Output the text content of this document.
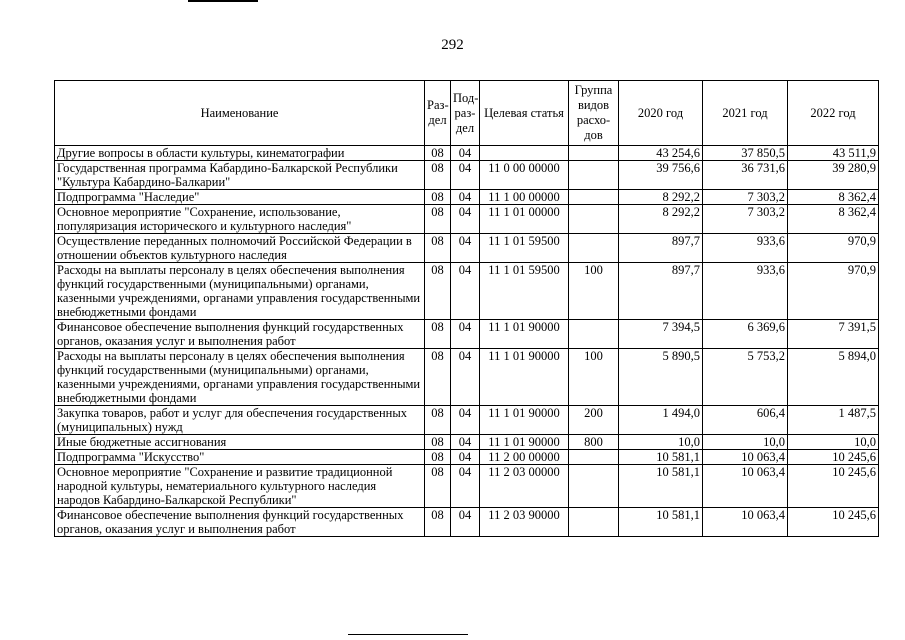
292
Наименование	Раз-дел	Под-раз-дел	Целевая статья	Группа видов расхо-дов	2020 год	2021 год	2022 год
Другие вопросы в области культуры, кинематографии	08	04			43 254,6	37 850,5	43 511,9
Государственная программа Кабардино-Балкарской Республики "Культура Кабардино-Балкарии"	08	04	11 0 00 00000		39 756,6	36 731,6	39 280,9
Подпрограмма "Наследие"	08	04	11 1 00 00000		8 292,2	7 303,2	8 362,4
Основное мероприятие "Сохранение, использование, популяризация исторического и культурного наследия"	08	04	11 1 01 00000		8 292,2	7 303,2	8 362,4
Осуществление переданных полномочий Российской Федерации в отношении объектов культурного наследия	08	04	11 1 01 59500		897,7	933,6	970,9
Расходы на выплаты персоналу в целях обеспечения выполнения функций государственными (муниципальными) органами, казенными учреждениями, органами управления государственными внебюджетными фондами	08	04	11 1 01 59500	100	897,7	933,6	970,9
Финансовое обеспечение выполнения функций государственных органов, оказания услуг и выполнения работ	08	04	11 1 01 90000		7 394,5	6 369,6	7 391,5
Расходы на выплаты персоналу в целях обеспечения выполнения функций государственными (муниципальными) органами, казенными учреждениями, органами управления государственными внебюджетными фондами	08	04	11 1 01 90000	100	5 890,5	5 753,2	5 894,0
Закупка товаров, работ и услуг для обеспечения государственных (муниципальных) нужд	08	04	11 1 01 90000	200	1 494,0	606,4	1 487,5
Иные бюджетные ассигнования	08	04	11 1 01 90000	800	10,0	10,0	10,0
Подпрограмма "Искусство"	08	04	11 2 00 00000		10 581,1	10 063,4	10 245,6
Основное мероприятие "Сохранение и развитие традиционной народной культуры, нематериального культурного наследия народов Кабардино-Балкарской Республики"	08	04	11 2 03 00000		10 581,1	10 063,4	10 245,6
Финансовое обеспечение выполнения функций государственных органов, оказания услуг и выполнения работ	08	04	11 2 03 90000		10 581,1	10 063,4	10 245,6
